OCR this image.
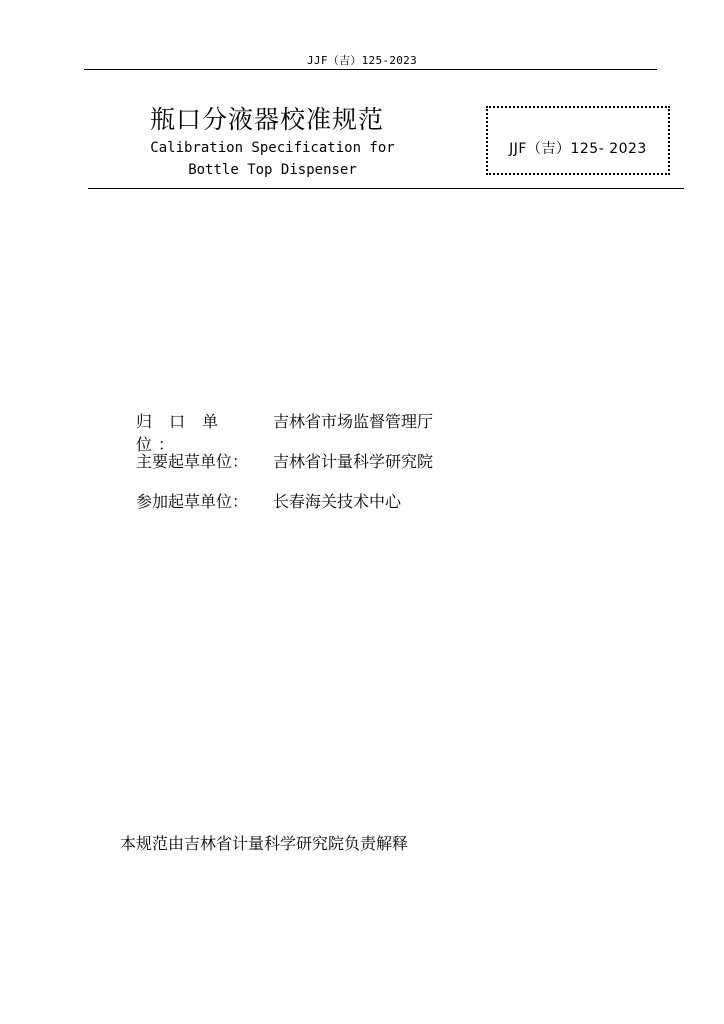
JJF（吉）125-2023
瓶口分液器校准规范
Calibration Specification for
Bottle Top Dispenser
JJF（吉）125- 2023
归 口 单 位：
吉林省市场监督管理厅
主要起草单位：	吉林省计量科学研究院
参加起草单位：	长春海关技术中心
本规范由吉林省计量科学研究院负责解释
